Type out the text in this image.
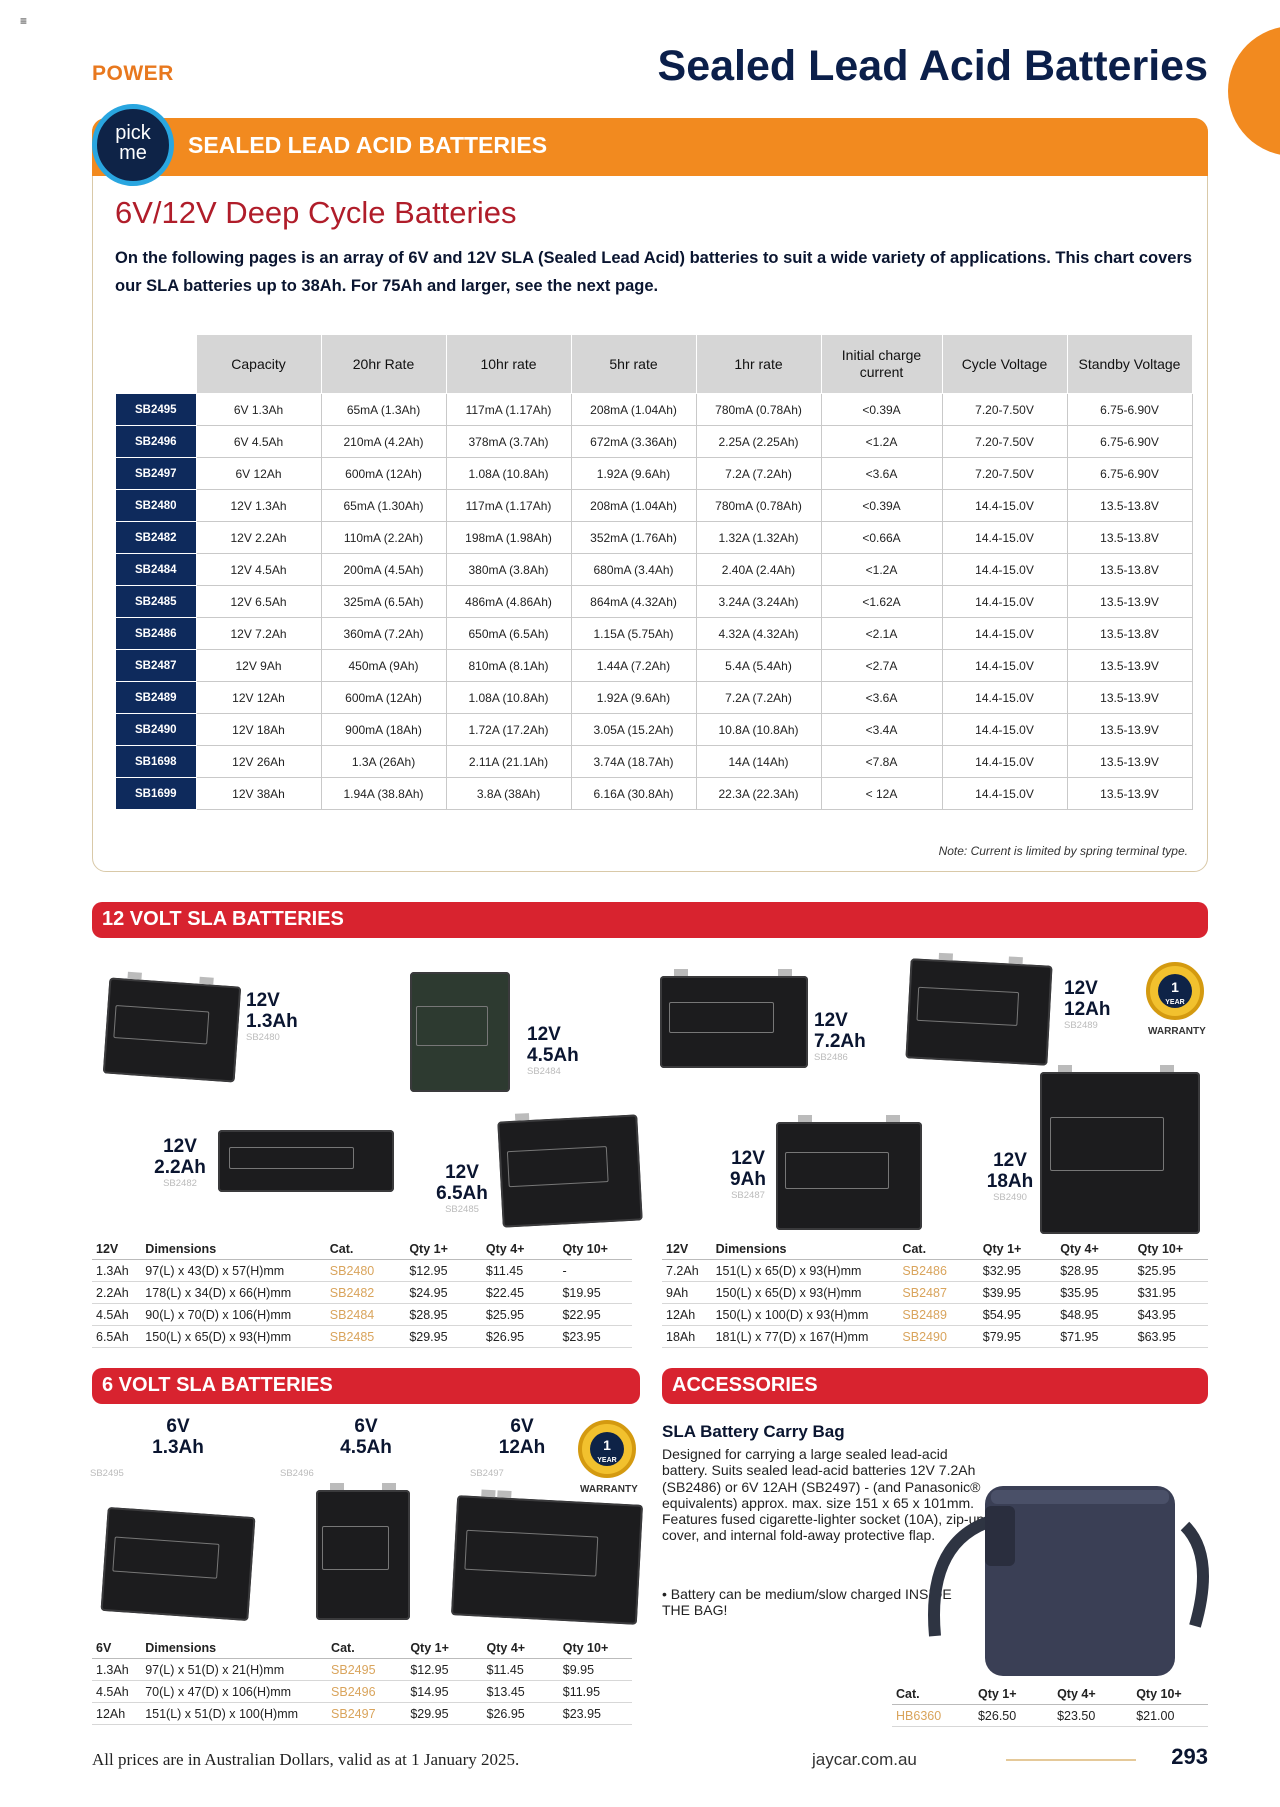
≡
POWER	Sealed Lead Acid Batteries
pick
me	SEALED LEAD ACID BATTERIES
6V/12V Deep Cycle Batteries
On the following pages is an array of 6V and 12V SLA (Sealed Lead Acid) batteries to suit a wide variety of applications. This chart covers our SLA batteries up to 38Ah. For 75Ah and larger, see the next page.
	Capacity	20hr Rate	10hr rate	5hr rate	1hr rate	Initial charge current	Cycle Voltage	Standby Voltage
SB2495	6V 1.3Ah	65mA (1.3Ah)	117mA (1.17Ah)	208mA (1.04Ah)	780mA (0.78Ah)	<0.39A	7.20-7.50V	6.75-6.90V
SB2496	6V 4.5Ah	210mA (4.2Ah)	378mA (3.7Ah)	672mA (3.36Ah)	2.25A (2.25Ah)	<1.2A	7.20-7.50V	6.75-6.90V
SB2497	6V 12Ah	600mA (12Ah)	1.08A (10.8Ah)	1.92A (9.6Ah)	7.2A (7.2Ah)	<3.6A	7.20-7.50V	6.75-6.90V
SB2480	12V 1.3Ah	65mA (1.30Ah)	117mA (1.17Ah)	208mA (1.04Ah)	780mA (0.78Ah)	<0.39A	14.4-15.0V	13.5-13.8V
SB2482	12V 2.2Ah	110mA (2.2Ah)	198mA (1.98Ah)	352mA (1.76Ah)	1.32A (1.32Ah)	<0.66A	14.4-15.0V	13.5-13.8V
SB2484	12V 4.5Ah	200mA (4.5Ah)	380mA (3.8Ah)	680mA (3.4Ah)	2.40A (2.4Ah)	<1.2A	14.4-15.0V	13.5-13.8V
SB2485	12V 6.5Ah	325mA (6.5Ah)	486mA (4.86Ah)	864mA (4.32Ah)	3.24A (3.24Ah)	<1.62A	14.4-15.0V	13.5-13.9V
SB2486	12V 7.2Ah	360mA (7.2Ah)	650mA (6.5Ah)	1.15A (5.75Ah)	4.32A (4.32Ah)	<2.1A	14.4-15.0V	13.5-13.8V
SB2487	12V 9Ah	450mA (9Ah)	810mA (8.1Ah)	1.44A (7.2Ah)	5.4A (5.4Ah)	<2.7A	14.4-15.0V	13.5-13.9V
SB2489	12V 12Ah	600mA (12Ah)	1.08A (10.8Ah)	1.92A (9.6Ah)	7.2A (7.2Ah)	<3.6A	14.4-15.0V	13.5-13.9V
SB2490	12V 18Ah	900mA (18Ah)	1.72A (17.2Ah)	3.05A (15.2Ah)	10.8A (10.8Ah)	<3.4A	14.4-15.0V	13.5-13.9V
SB1698	12V 26Ah	1.3A (26Ah)	2.11A (21.1Ah)	3.74A (18.7Ah)	14A (14Ah)	<7.8A	14.4-15.0V	13.5-13.9V
SB1699	12V 38Ah	1.94A (38.8Ah)	3.8A (38Ah)	6.16A (30.8Ah)	22.3A (22.3Ah)	< 12A	14.4-15.0V	13.5-13.9V
Note: Current is limited by spring terminal type.
12 VOLT SLA BATTERIES
12V
1.3Ah
SB2480	12V
4.5Ah
SB2484
12V
7.2Ah
SB2486
12V
12Ah
SB2489
12V
2.2Ah
SB2482
12V
6.5Ah
SB2485
12V
9Ah
SB2487
12V
18Ah
SB2490
1
YEAR
WARRANTY
12V	Dimensions	Cat.	Qty 1+	Qty 4+	Qty 10+
1.3Ah	97(L) x 43(D) x 57(H)mm	SB2480	$12.95	$11.45	-
2.2Ah	178(L) x 34(D) x 66(H)mm	SB2482	$24.95	$22.45	$19.95
4.5Ah	90(L) x 70(D) x 106(H)mm	SB2484	$28.95	$25.95	$22.95
6.5Ah	150(L) x 65(D) x 93(H)mm	SB2485	$29.95	$26.95	$23.95
12V	Dimensions	Cat.	Qty 1+	Qty 4+	Qty 10+
7.2Ah	151(L) x 65(D) x 93(H)mm	SB2486	$32.95	$28.95	$25.95
9Ah	150(L) x 65(D) x 93(H)mm	SB2487	$39.95	$35.95	$31.95
12Ah	150(L) x 100(D) x 93(H)mm	SB2489	$54.95	$48.95	$43.95
18Ah	181(L) x 77(D) x 167(H)mm	SB2490	$79.95	$71.95	$63.95
6 VOLT SLA BATTERIES
6V
1.3Ah
SB2495
6V
4.5Ah
SB2496
6V
12Ah
SB2497
1
YEAR
WARRANTY
6V	Dimensions	Cat.	Qty 1+	Qty 4+	Qty 10+
1.3Ah	97(L) x 51(D) x 21(H)mm	SB2495	$12.95	$11.45	$9.95
4.5Ah	70(L) x 47(D) x 106(H)mm	SB2496	$14.95	$13.45	$11.95
12Ah	151(L) x 51(D) x 100(H)mm	SB2497	$29.95	$26.95	$23.95
ACCESSORIES
SLA Battery Carry Bag
Designed for carrying a large sealed lead-acid battery. Suits sealed lead-acid batteries 12V 7.2Ah (SB2486) or 6V 12AH (SB2497) - (and Panasonic® equivalents) approx. max. size 151 x 65 x 101mm. Features fused cigarette-lighter socket (10A), zip-up cover, and internal fold-away protective flap.
• Battery can be medium/slow charged INSIDE THE BAG!
Cat.	Qty 1+	Qty 4+	Qty 10+
HB6360	$26.50	$23.50	$21.00
All prices are in Australian Dollars, valid as at 1 January 2025.	jaycar.com.au	293
